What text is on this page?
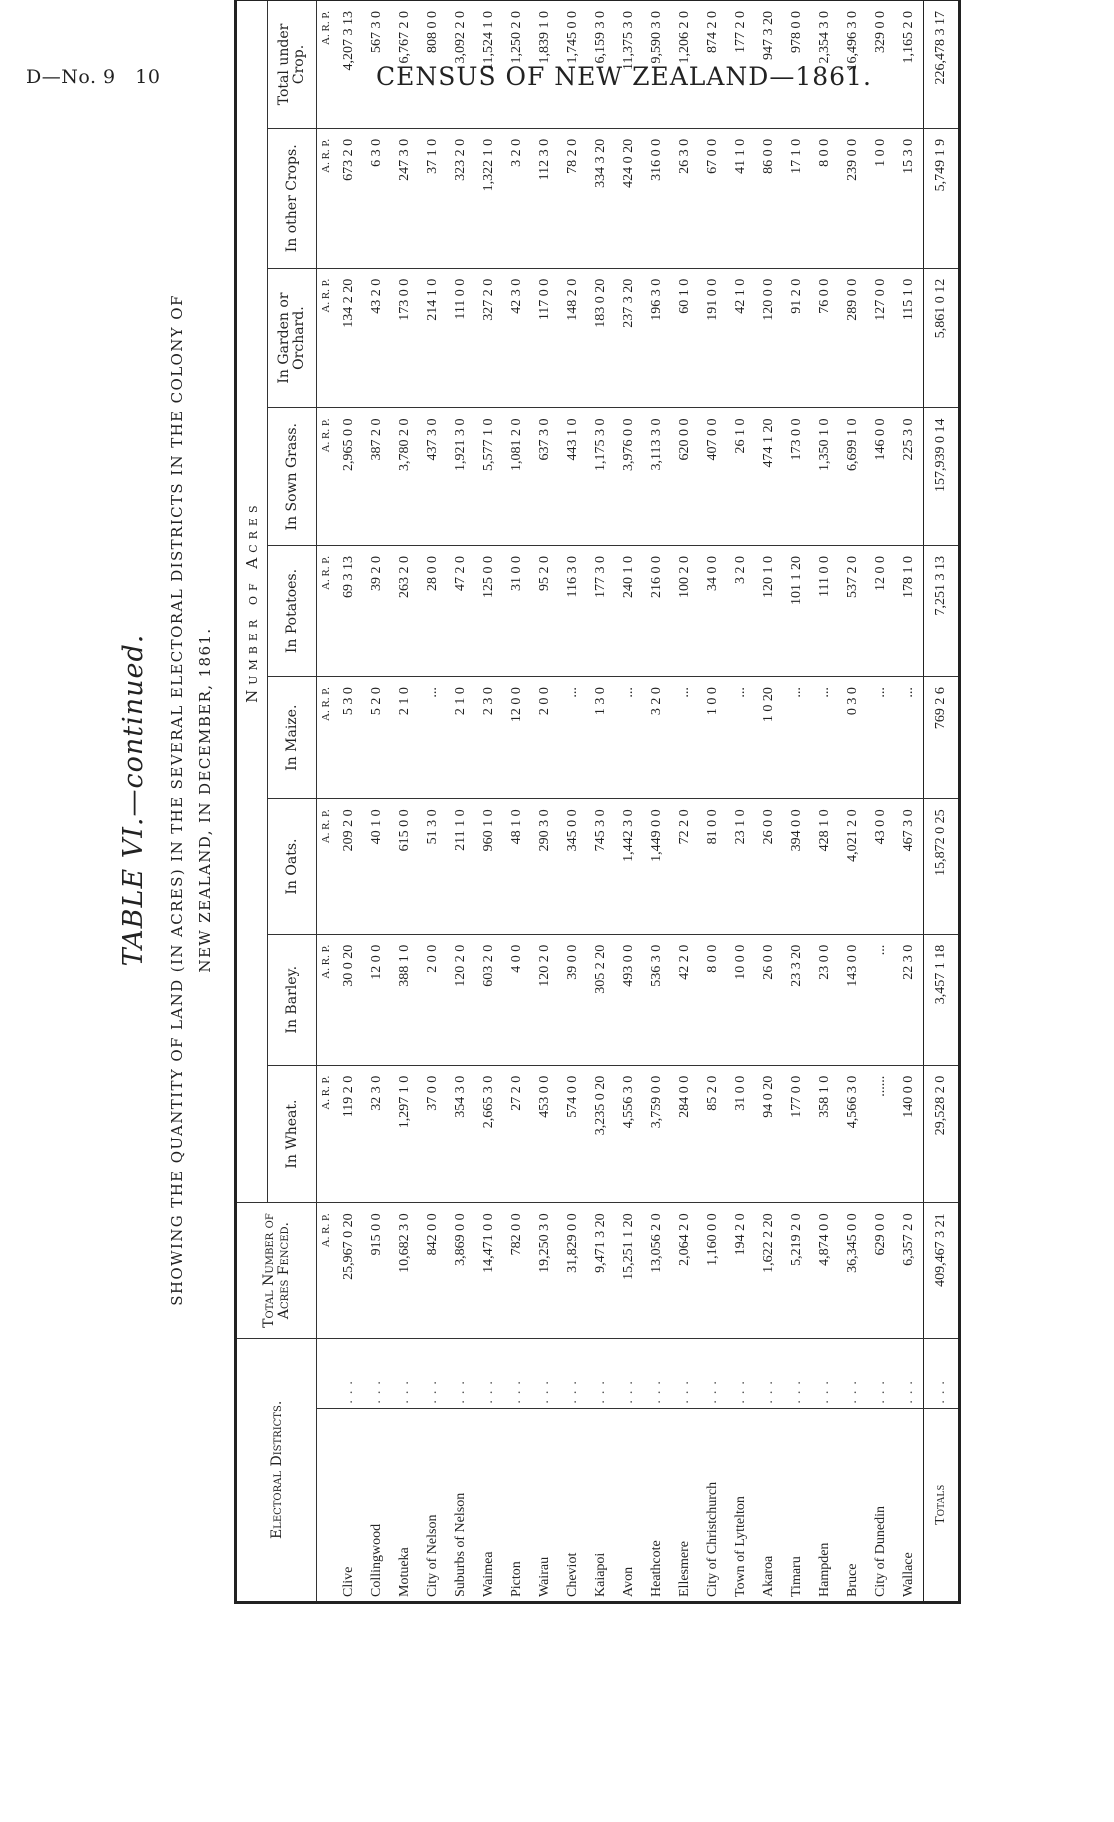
D—No. 9 10	CENSUS OF NEW ZEALAND—1861.
TABLE VI.—continued. SHOWING THE QUANTITY OF LAND (IN ACRES) IN THE SEVERAL ELECTORAL DISTRICTS IN THE COLONY OF NEW ZEALAND, IN DECEMBER, 1861.
Electoral Districts.		Total Number of Acres Fenced.	Number of Acres								
			In Wheat.	In Barley.	In Oats.	In Maize.	In Potatoes.	In Sown Grass.	In Garden or Orchard.	In other Crops.	Total under Crop.
		A. R. P.	A. R. P.	A. R. P.	A. R. P.	A. R. P.	A. R. P.	A. R. P.	A. R. P.	A. R. P.	A. R. P.
Clive	...	25,967 0 20	119 2 0	30 0 20	209 2 0	5 3 0	69 3 13	2,965 0 0	134 2 20	673 2 0	4,207 3 13
Collingwood	...	915 0 0	32 3 0	12 0 0	40 1 0	5 2 0	39 2 0	387 2 0	43 2 0	6 3 0	567 3 0
Motueka	...	10,682 3 0	1,297 1 0	388 1 0	615 0 0	2 1 0	263 2 0	3,780 2 0	173 0 0	247 3 0	6,767 2 0
City of Nelson	...	842 0 0	37 0 0	2 0 0	51 3 0	...	28 0 0	437 3 0	214 1 0	37 1 0	808 0 0
Suburbs of Nelson	...	3,869 0 0	354 3 0	120 2 0	211 1 0	2 1 0	47 2 0	1,921 3 0	111 0 0	323 2 0	3,092 2 0
Waimea	...	14,471 0 0	2,665 3 0	603 2 0	960 1 0	2 3 0	125 0 0	5,577 1 0	327 2 0	1,322 1 0	11,524 1 0
Picton	...	782 0 0	27 2 0	4 0 0	48 1 0	12 0 0	31 0 0	1,081 2 0	42 3 0	3 2 0	1,250 2 0
Wairau	...	19,250 3 0	453 0 0	120 2 0	290 3 0	2 0 0	95 2 0	637 3 0	117 0 0	112 3 0	1,839 1 0
Cheviot	...	31,829 0 0	574 0 0	39 0 0	345 0 0	...	116 3 0	443 1 0	148 2 0	78 2 0	1,745 0 0
Kaiapoi	...	9,471 3 20	3,235 0 20	305 2 20	745 3 0	1 3 0	177 3 0	1,175 3 0	183 0 20	334 3 20	6,159 3 0
Avon	...	15,251 1 20	4,556 3 0	493 0 0	1,442 3 0	...	240 1 0	3,976 0 0	237 3 20	424 0 20	11,375 3 0
Heathcote	...	13,056 2 0	3,759 0 0	536 3 0	1,449 0 0	3 2 0	216 0 0	3,113 3 0	196 3 0	316 0 0	9,590 3 0
Ellesmere	...	2,064 2 0	284 0 0	42 2 0	72 2 0	...	100 2 0	620 0 0	60 1 0	26 3 0	1,206 2 0
City of Christchurch	...	1,160 0 0	85 2 0	8 0 0	81 0 0	1 0 0	34 0 0	407 0 0	191 0 0	67 0 0	874 2 0
Town of Lyttelton	...	194 2 0	31 0 0	10 0 0	23 1 0	...	3 2 0	26 1 0	42 1 0	41 1 0	177 2 0
Akaroa	...	1,622 2 20	94 0 20	26 0 0	26 0 0	1 0 20	120 1 0	474 1 20	120 0 0	86 0 0	947 3 20
Timaru	...	5,219 2 0	177 0 0	23 3 20	394 0 0	...	101 1 20	173 0 0	91 2 0	17 1 0	978 0 0
Hampden	...	4,874 0 0	358 1 0	23 0 0	428 1 0	...	111 0 0	1,350 1 0	76 0 0	8 0 0	2,354 3 0
Bruce	...	36,345 0 0	4,566 3 0	143 0 0	4,021 2 0	0 3 0	537 2 0	6,699 1 0	289 0 0	239 0 0	16,496 3 0
City of Dunedin	...	629 0 0	......	...	43 0 0	...	12 0 0	146 0 0	127 0 0	1 0 0	329 0 0
Wallace	...	6,357 2 0	140 0 0	22 3 0	467 3 0	...	178 1 0	225 3 0	115 1 0	15 3 0	1,165 2 0
Totals	...	409,467 3 21	29,528 2 0	3,457 1 18	15,872 0 25	769 2 6	7,251 3 13	157,939 0 14	5,861 0 12	5,749 1 9	226,478 3 17
